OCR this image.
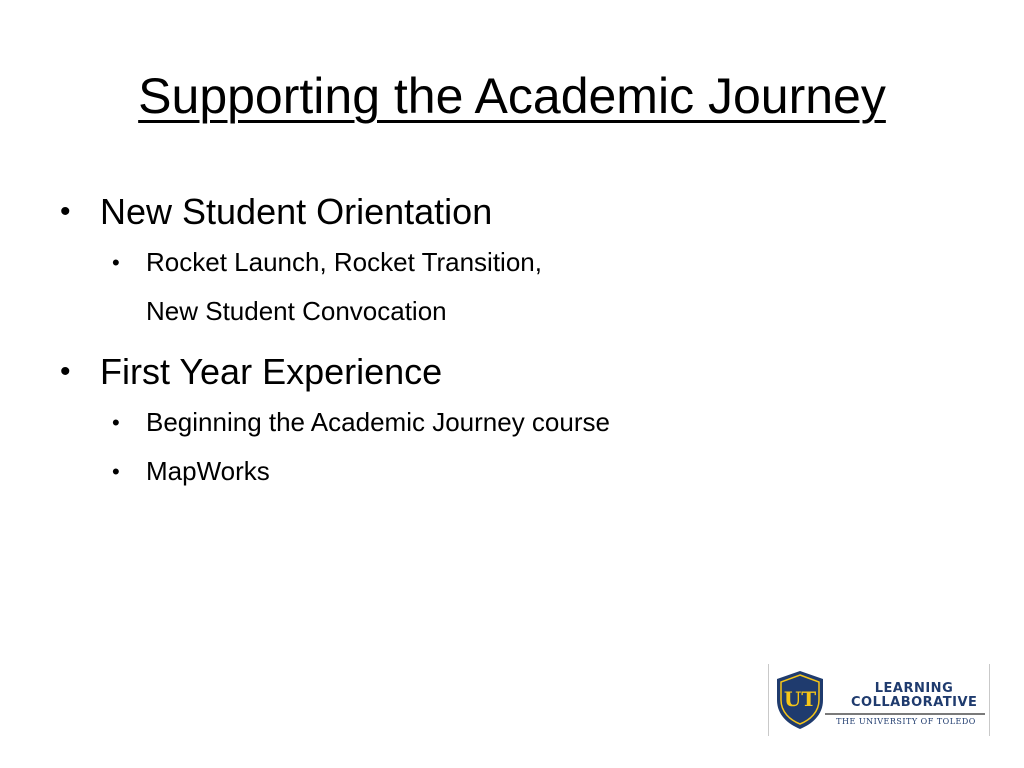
Supporting the Academic Journey
• New Student Orientation
• Rocket Launch, Rocket Transition,
New Student Convocation
• First Year Experience
• Beginning the Academic Journey course
• MapWorks
UT	LEARNING
COLLABORATIVE
THE UNIVERSITY OF TOLEDO
